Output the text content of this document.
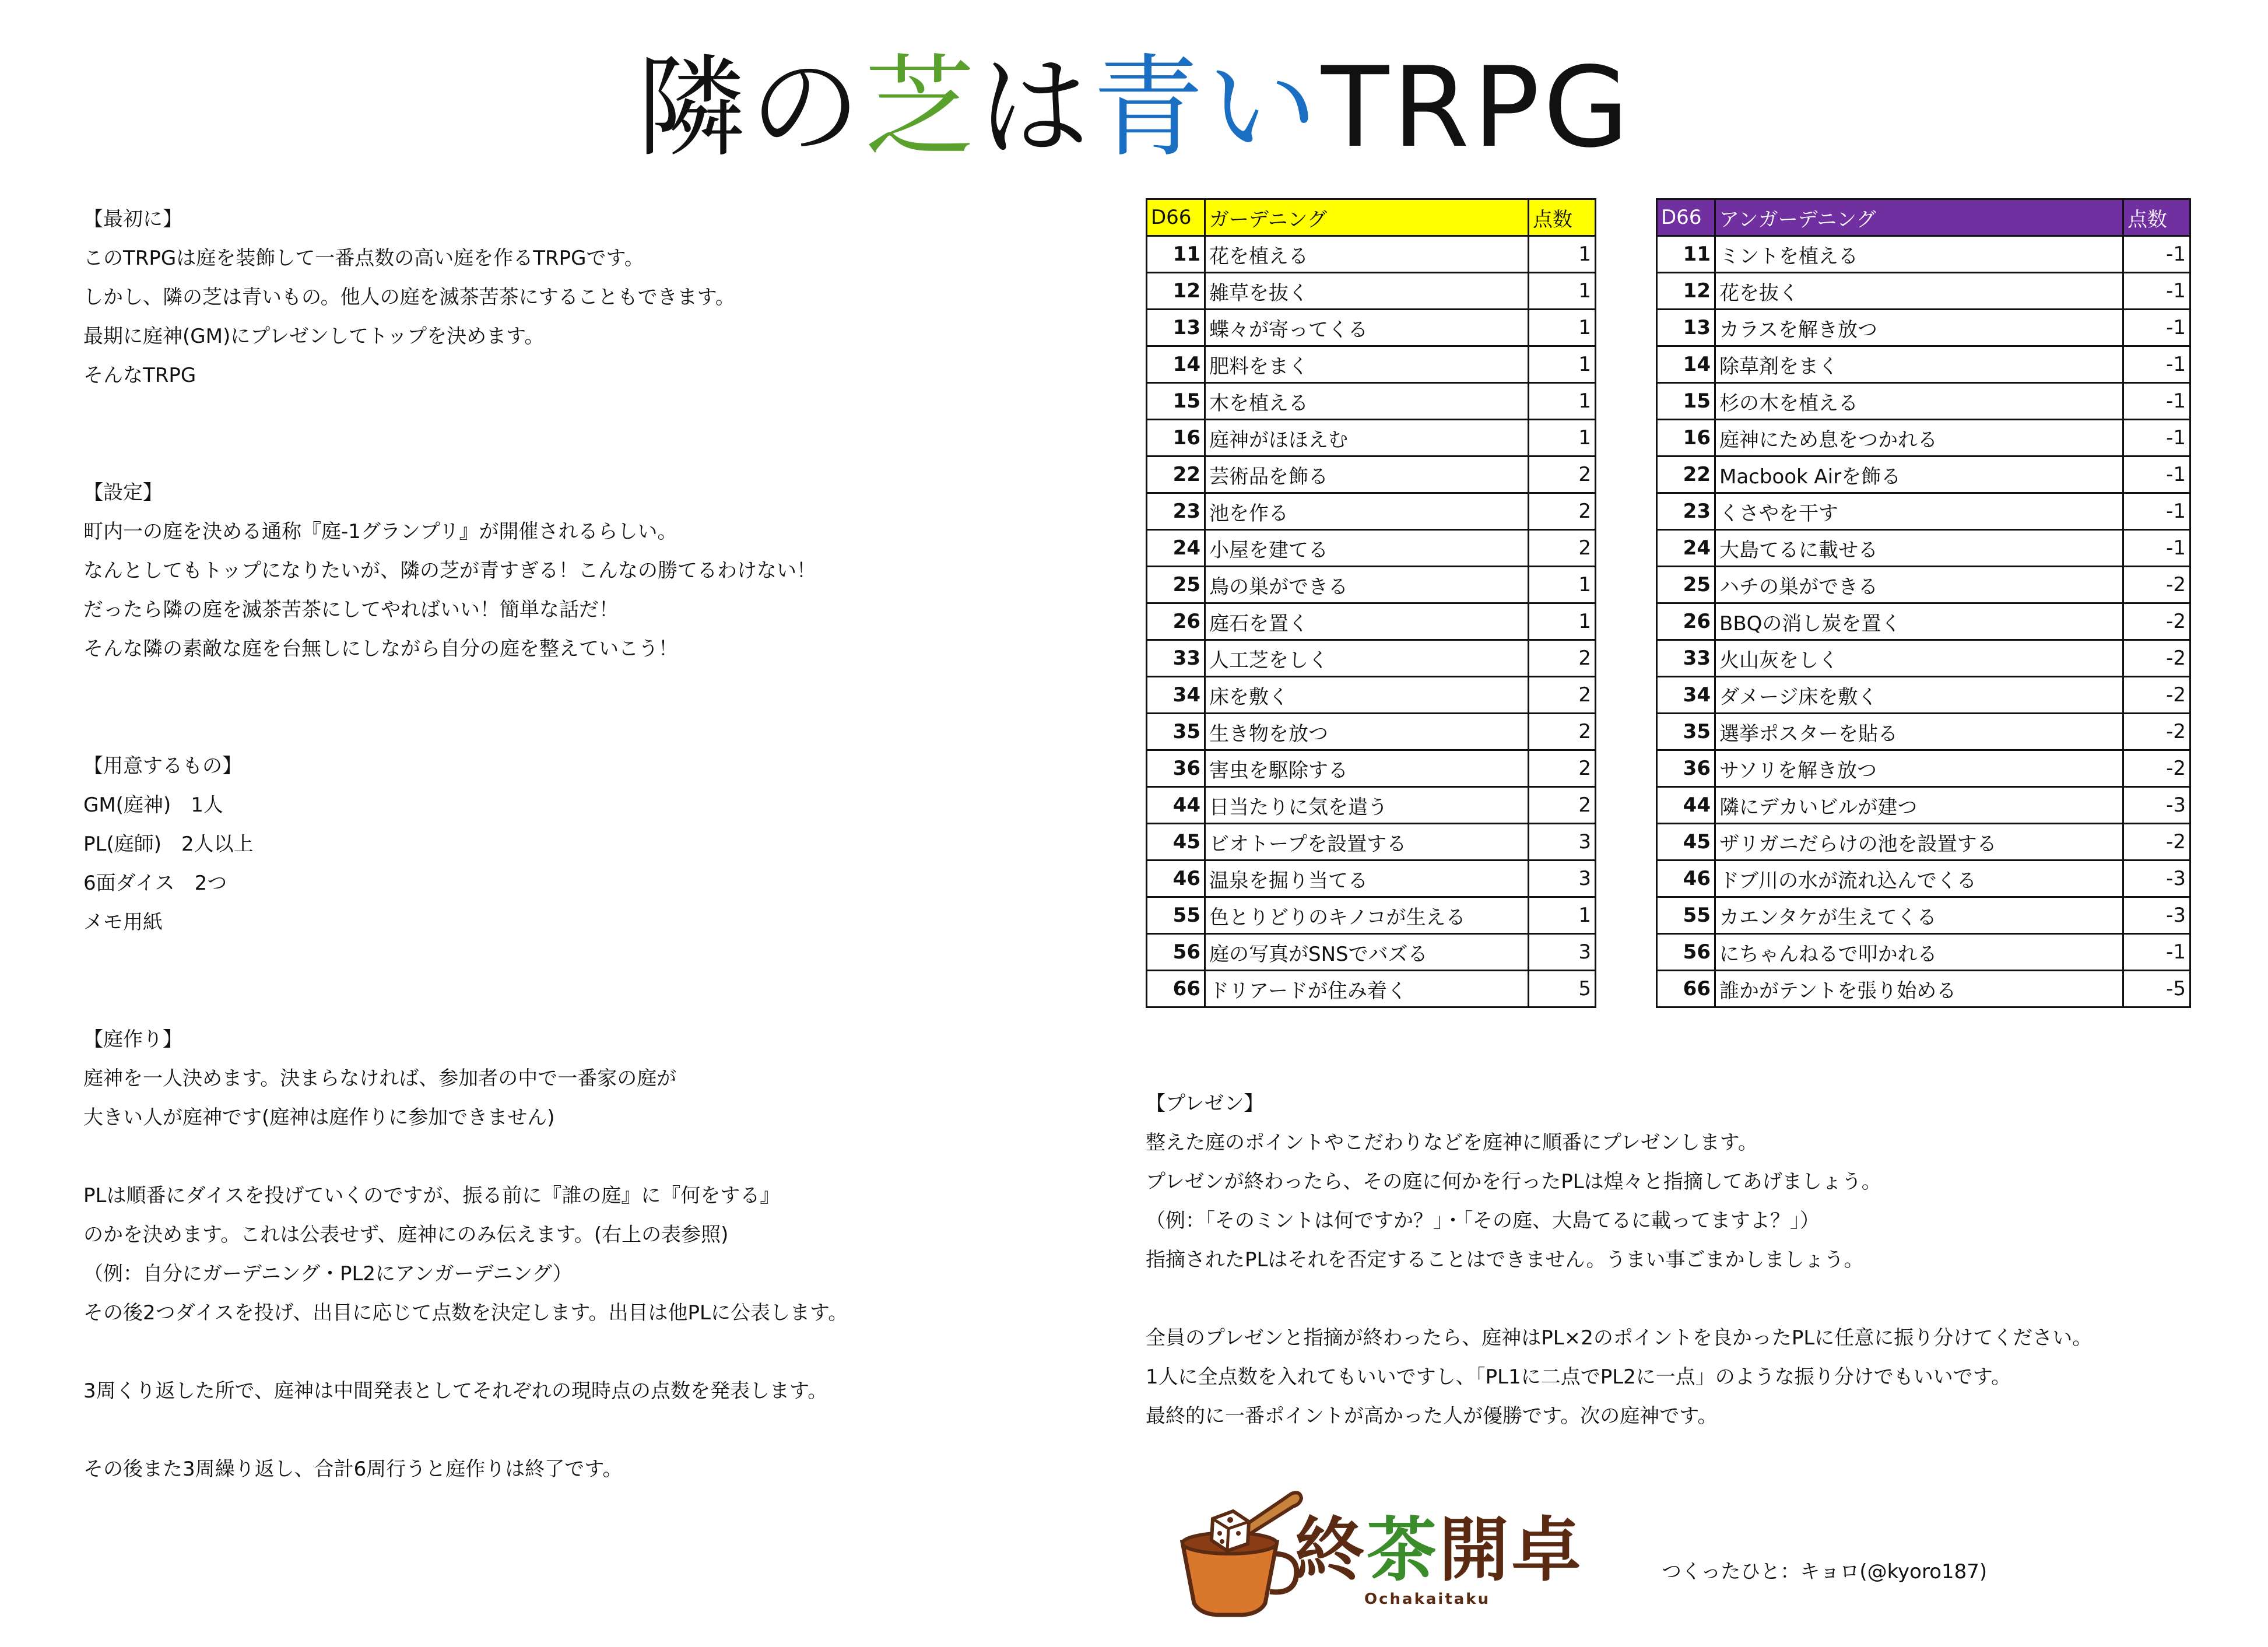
隣の芝は青いTRPG
【最初に】
このTRPGは庭を装飾して一番点数の高い庭を作るTRPGです。
しかし、隣の芝は青いもの。他人の庭を滅茶苦茶にすることもできます。
最期に庭神(GM)にプレゼンしてトップを決めます。
そんなTRPG
【設定】
町内一の庭を決める通称『庭-1グランプリ』が開催されるらしい。
なんとしてもトップになりたいが、隣の芝が青すぎる！こんなの勝てるわけない！
だったら隣の庭を滅茶苦茶にしてやればいい！簡単な話だ！
そんな隣の素敵な庭を台無しにしながら自分の庭を整えていこう！
【用意するもの】
GM(庭神)　1人
PL(庭師)　2人以上
6面ダイス　2つ
メモ用紙
【庭作り】
庭神を一人決めます。決まらなければ、参加者の中で一番家の庭が
大きい人が庭神です(庭神は庭作りに参加できません)
PLは順番にダイスを投げていくのですが、振る前に『誰の庭』に『何をする』
のかを決めます。これは公表せず、庭神にのみ伝えます。(右上の表参照)
（例：自分にガーデニング・PL2にアンガーデニング）
その後2つダイスを投げ、出目に応じて点数を決定します。出目は他PLに公表します。
3周くり返した所で、庭神は中間発表としてそれぞれの現時点の点数を発表します。
その後また3周繰り返し、合計6周行うと庭作りは終了です。
D66	ガーデニング	点数
11	花を植える	1
12	雑草を抜く	1
13	蝶々が寄ってくる	1
14	肥料をまく	1
15	木を植える	1
16	庭神がほほえむ	1
22	芸術品を飾る	2
23	池を作る	2
24	小屋を建てる	2
25	鳥の巣ができる	1
26	庭石を置く	1
33	人工芝をしく	2
34	床を敷く	2
35	生き物を放つ	2
36	害虫を駆除する	2
44	日当たりに気を遣う	2
45	ビオトープを設置する	3
46	温泉を掘り当てる	3
55	色とりどりのキノコが生える	1
56	庭の写真がSNSでバズる	3
66	ドリアードが住み着く	5
D66	アンガーデニング	点数
11	ミントを植える	-1
12	花を抜く	-1
13	カラスを解き放つ	-1
14	除草剤をまく	-1
15	杉の木を植える	-1
16	庭神にため息をつかれる	-1
22	Macbook Airを飾る	-1
23	くさやを干す	-1
24	大島てるに載せる	-1
25	ハチの巣ができる	-2
26	BBQの消し炭を置く	-2
33	火山灰をしく	-2
34	ダメージ床を敷く	-2
35	選挙ポスターを貼る	-2
36	サソリを解き放つ	-2
44	隣にデカいビルが建つ	-3
45	ザリガニだらけの池を設置する	-2
46	ドブ川の水が流れ込んでくる	-3
55	カエンタケが生えてくる	-3
56	にちゃんねるで叩かれる	-1
66	誰かがテントを張り始める	-5
【プレゼン】
整えた庭のポイントやこだわりなどを庭神に順番にプレゼンします。
プレゼンが終わったら、その庭に何かを行ったPLは煌々と指摘してあげましょう。
（例：「そのミントは何ですか？」・「その庭、大島てるに載ってますよ？」）
指摘されたPLはそれを否定することはできません。うまい事ごまかしましょう。
全員のプレゼンと指摘が終わったら、庭神はPL×2のポイントを良かったPLに任意に振り分けてください。
1人に全点数を入れてもいいですし、「PL1に二点でPL2に一点」のような振り分けでもいいです。
最終的に一番ポイントが高かった人が優勝です。次の庭神です。
終茶開卓
Ochakaitaku
つくったひと：キョロ(@kyoro187)
